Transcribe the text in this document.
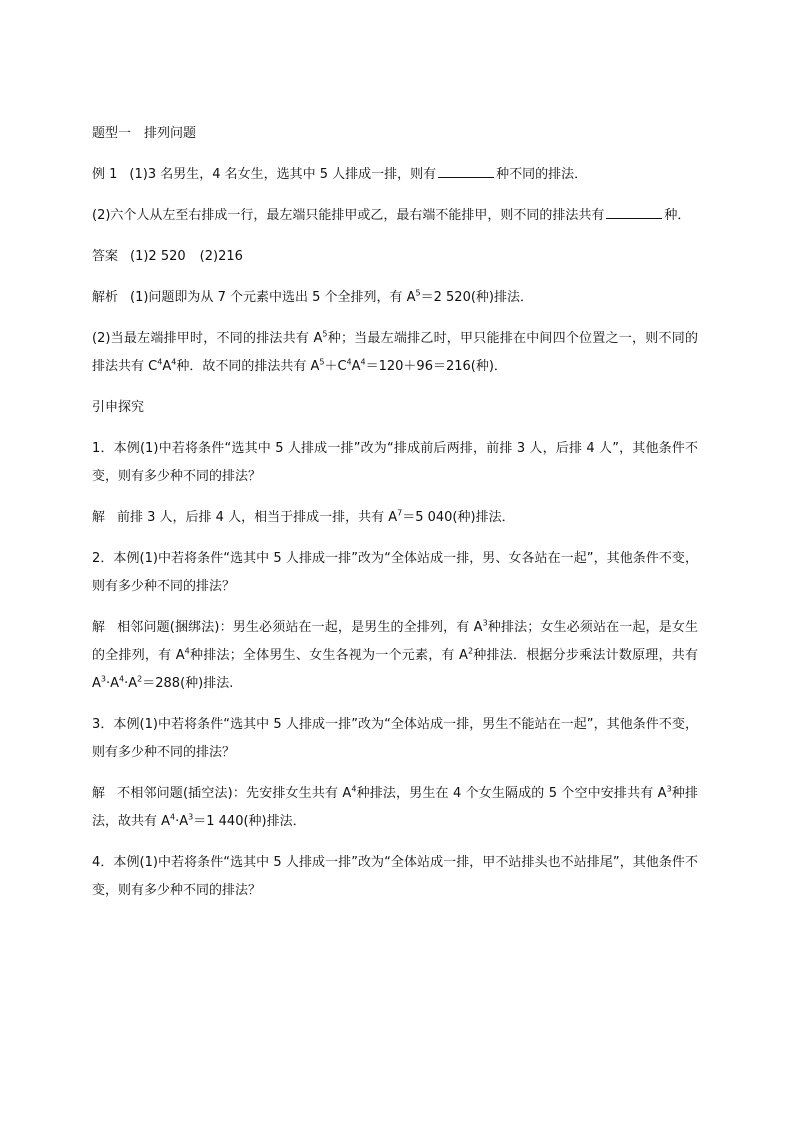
题型一　排列问题
例 1 (1)3 名男生，4 名女生，选其中 5 人排成一排，则有	种不同的排法．
(2)六个人从左至右排成一行，最左端只能排甲或乙，最右端不能排甲，则不同的排法共有	种．
答案 (1)2 520 (2)216
解析 (1)问题即为从 7 个元素中选出 5 个全排列，有 $A^5=2$ 520(种)排法．
(2)当最左端排甲时，不同的排法共有 $A^5$种；当最左端排乙时，甲只能排在中间四个位置之一，则不同的排法共有 $C^4A^4$种．故不同的排法共有 $A^5+C^4A^4=120+96=216$(种)．
引申探究
1．本例(1)中若将条件“选其中 5 人排成一排”改为“排成前后两排，前排 3 人，后排 4 人”，其他条件不变，则有多少种不同的排法？
解 前排 3 人，后排 4 人，相当于排成一排，共有 $A^7=5$ 040(种)排法．
2．本例(1)中若将条件“选其中 5 人排成一排”改为“全体站成一排，男、女各站在一起”，其他条件不变，则有多少种不同的排法？
解 相邻问题(捆绑法)：男生必须站在一起，是男生的全排列，有 $A^3$种排法；女生必须站在一起，是女生的全排列，有 $A^4$种排法；全体男生、女生各视为一个元素，有 $A^2$种排法．根据分步乘法计数原理，共有 $A^3\cdot A^4\cdot A^2=288$(种)排法.
3．本例(1)中若将条件“选其中 5 人排成一排”改为“全体站成一排，男生不能站在一起”，其他条件不变，则有多少种不同的排法？
解 不相邻问题(插空法)：先安排女生共有 $A^4$种排法，男生在 4 个女生隔成的 5 个空中安排共有 $A^3$种排法，故共有 $A^4\cdot A^3=1$ 440(种)排法．
4．本例(1)中若将条件“选其中 5 人排成一排”改为“全体站成一排，甲不站排头也不站排尾”，其他条件不变，则有多少种不同的排法？
